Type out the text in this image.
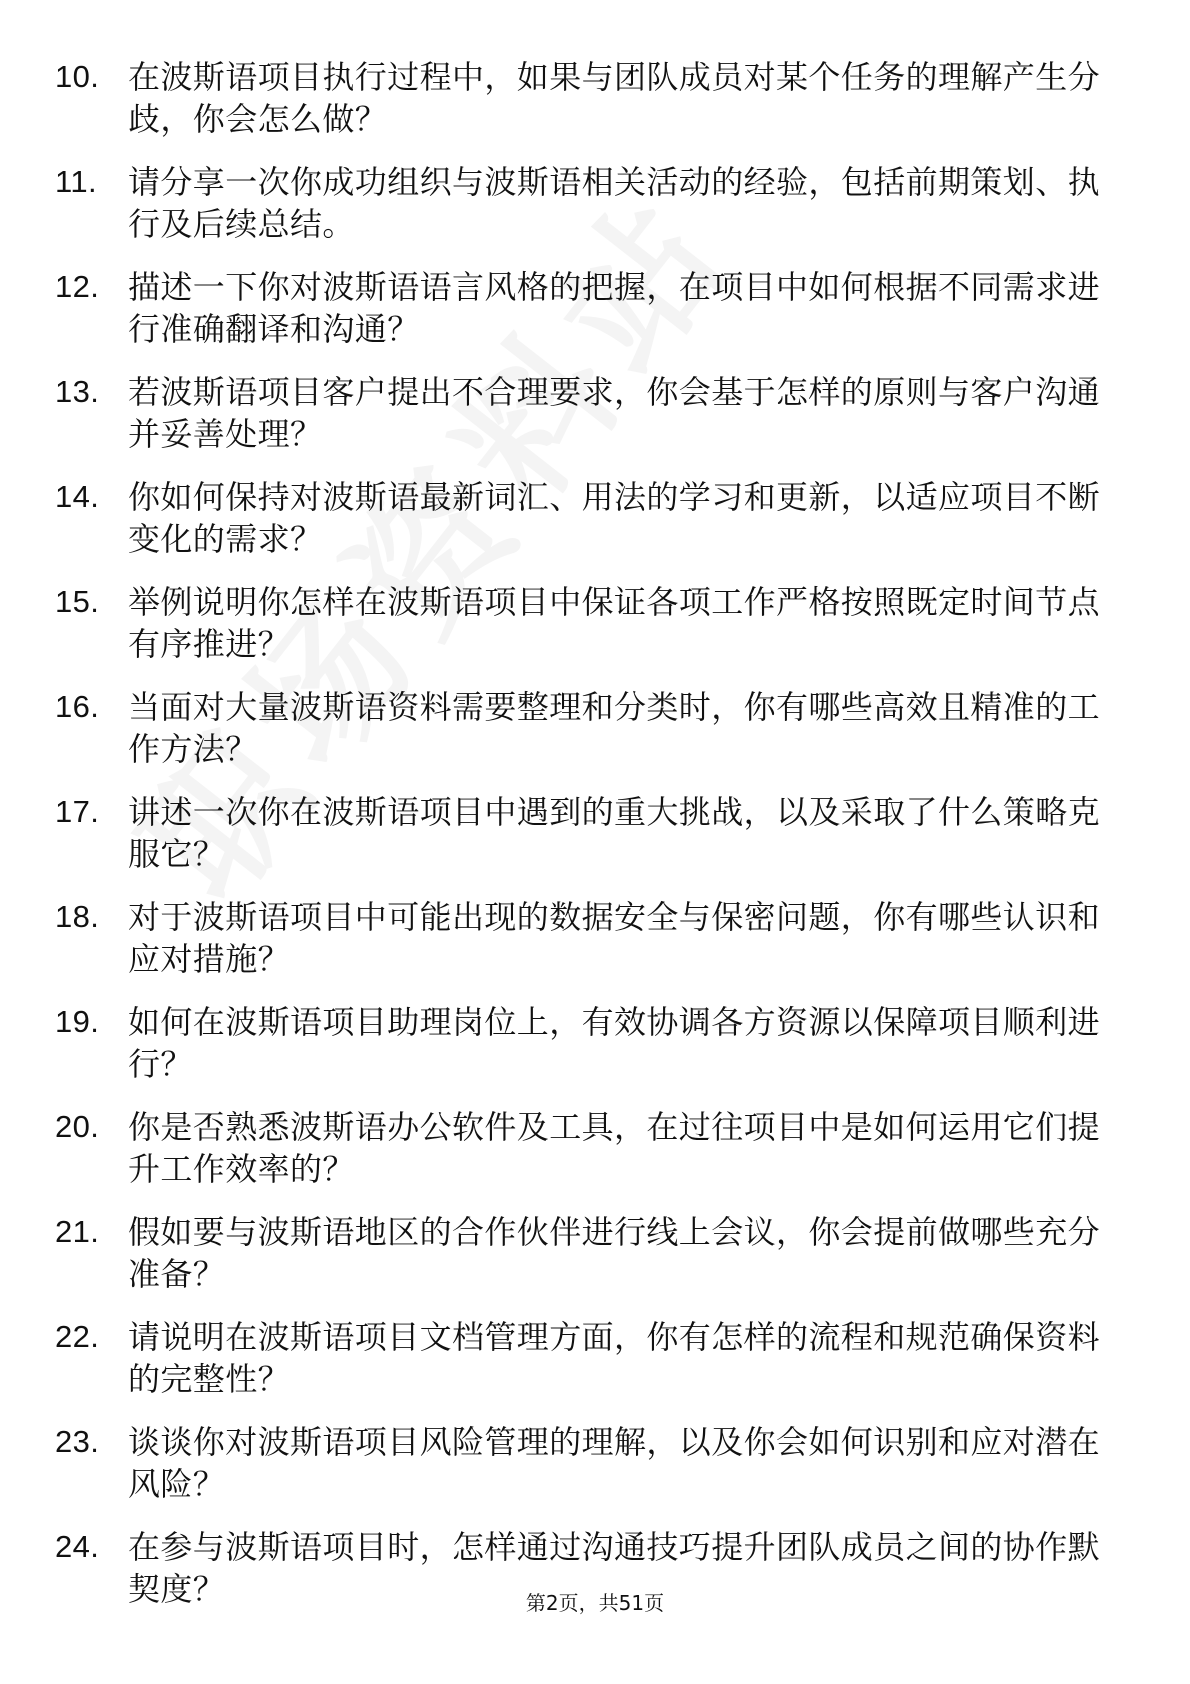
10. 在波斯语项目执行过程中，如果与团队成员对某个任务的理解产生分歧，你会怎么做？
11. 请分享一次你成功组织与波斯语相关活动的经验，包括前期策划、执行及后续总结。
12. 描述一下你对波斯语语言风格的把握，在项目中如何根据不同需求进行准确翻译和沟通？
13. 若波斯语项目客户提出不合理要求，你会基于怎样的原则与客户沟通并妥善处理？
14. 你如何保持对波斯语最新词汇、用法的学习和更新，以适应项目不断变化的需求？
15. 举例说明你怎样在波斯语项目中保证各项工作严格按照既定时间节点有序推进？
16. 当面对大量波斯语资料需要整理和分类时，你有哪些高效且精准的工作方法？
17. 讲述一次你在波斯语项目中遇到的重大挑战，以及采取了什么策略克服它？
18. 对于波斯语项目中可能出现的数据安全与保密问题，你有哪些认识和应对措施？
19. 如何在波斯语项目助理岗位上，有效协调各方资源以保障项目顺利进行？
20. 你是否熟悉波斯语办公软件及工具，在过往项目中是如何运用它们提升工作效率的？
21. 假如要与波斯语地区的合作伙伴进行线上会议，你会提前做哪些充分准备？
22. 请说明在波斯语项目文档管理方面，你有怎样的流程和规范确保资料的完整性？
23. 谈谈你对波斯语项目风险管理的理解，以及你会如何识别和应对潜在风险？
24. 在参与波斯语项目时，怎样通过沟通技巧提升团队成员之间的协作默契度？	第2页，共51页
